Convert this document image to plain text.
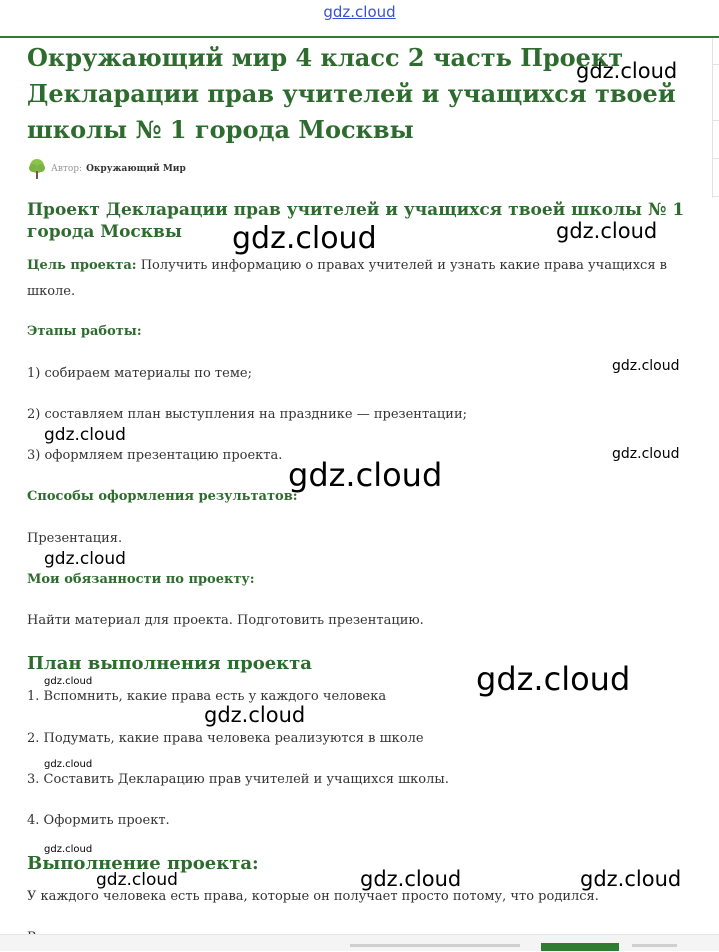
gdz.cloud
Окружающий мир 4 класс 2 часть Проект Декларации прав учителей и учащихся твоей школы № 1 города Москвы
Автор: Окружающий Мир
Проект Декларации прав учителей и учащихся твоей школы № 1 города Москвы

Цель проекта: Получить информацию о правах учителей и узнать какие права учащихся в школе.

Этапы работы:

1) собираем материалы по теме;

2) составляем план выступления на празднике — презентации;

3) оформляем презентацию проекта.

Способы оформления результатов:

Презентация.

Мои обязанности по проекту:

Найти материал для проекта. Подготовить презентацию.

План выполнения проекта

1. Вспомнить, какие права есть у каждого человека

2. Подумать, какие права человека реализуются в школе

3. Составить Декларацию прав учителей и учащихся школы.

4. Оформить проект.

Выполнение проекта:

У каждого человека есть права, которые он получает просто потому, что родился.

gdz.cloud
gdz.cloud	gdz.cloud
gdz.cloud
gdz.cloud
gdz.cloud
gdz.cloud
gdz.cloud
gdz.cloud	gdz.cloud
gdz.cloud
gdz.cloud
gdz.cloud
gdz.cloud	gdz.cloud	gdz.cloud
